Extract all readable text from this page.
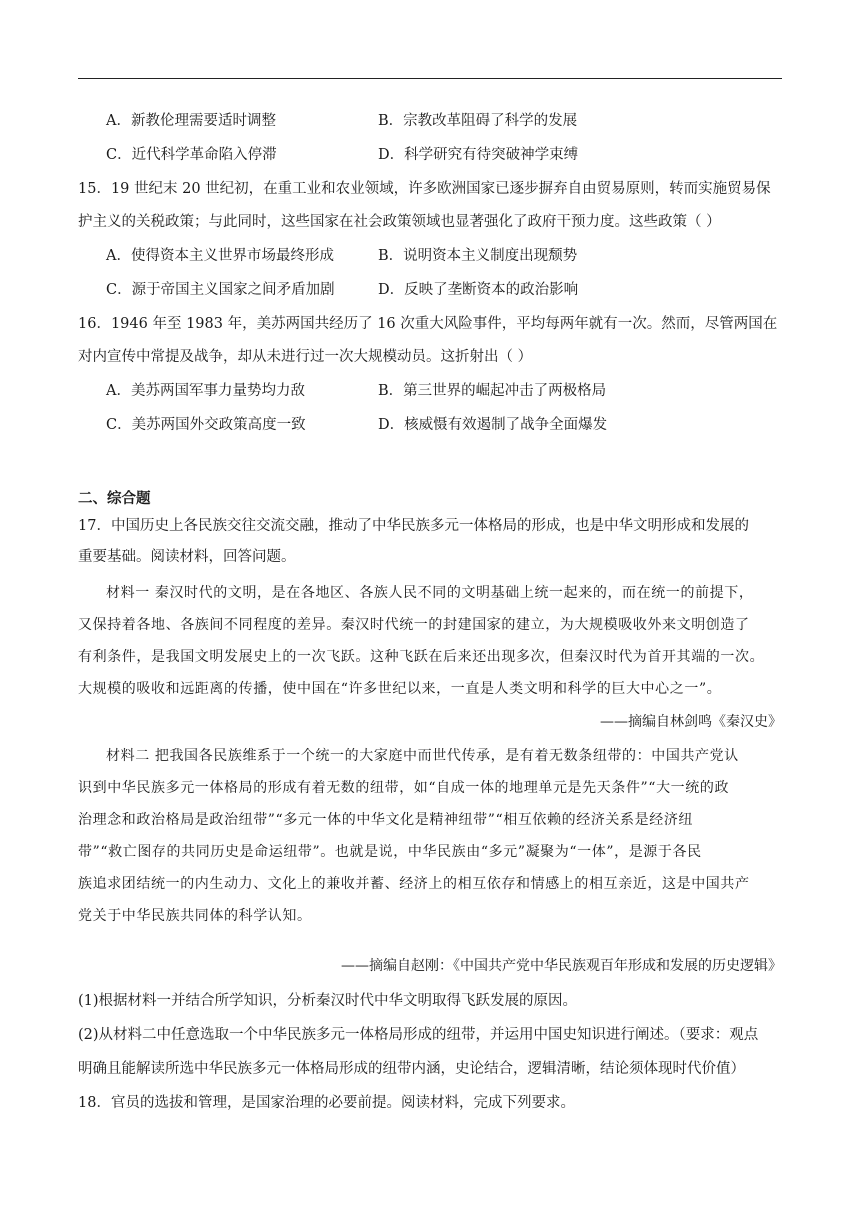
A．新教伦理需要适时调整	B．宗教改革阻碍了科学的发展
C．近代科学革命陷入停滞	D．科学研究有待突破神学束缚
15．19 世纪末 20 世纪初，在重工业和农业领域，许多欧洲国家已逐步摒弃自由贸易原则，转而实施贸易保
护主义的关税政策；与此同时，这些国家在社会政策领域也显著强化了政府干预力度。这些政策（ ）
A．使得资本主义世界市场最终形成	B．说明资本主义制度出现颓势
C．源于帝国主义国家之间矛盾加剧	D．反映了垄断资本的政治影响
16．1946 年至 1983 年，美苏两国共经历了 16 次重大风险事件，平均每两年就有一次。然而，尽管两国在
对内宣传中常提及战争，却从未进行过一次大规模动员。这折射出（ ）
A．美苏两国军事力量势均力敌	B．第三世界的崛起冲击了两极格局
C．美苏两国外交政策高度一致	D．核威慑有效遏制了战争全面爆发
二、综合题
17．中国历史上各民族交往交流交融，推动了中华民族多元一体格局的形成，也是中华文明形成和发展的
重要基础。阅读材料，回答问题。
材料一 秦汉时代的文明，是在各地区、各族人民不同的文明基础上统一起来的，而在统一的前提下，
又保持着各地、各族间不同程度的差异。秦汉时代统一的封建国家的建立，为大规模吸收外来文明创造了
有利条件，是我国文明发展史上的一次飞跃。这种飞跃在后来还出现多次，但秦汉时代为首开其端的一次。
大规模的吸收和远距离的传播，使中国在“许多世纪以来，一直是人类文明和科学的巨大中心之一”。
——摘编自林剑鸣《秦汉史》
材料二 把我国各民族维系于一个统一的大家庭中而世代传承，是有着无数条纽带的：中国共产党认
识到中华民族多元一体格局的形成有着无数的纽带，如“自成一体的地理单元是先天条件”“大一统的政
治理念和政治格局是政治纽带”“多元一体的中华文化是精神纽带”“相互依赖的经济关系是经济纽
带”“救亡图存的共同历史是命运纽带”。也就是说，中华民族由“多元”凝聚为“一体”，是源于各民
族追求团结统一的内生动力、文化上的兼收并蓄、经济上的相互依存和情感上的相互亲近，这是中国共产
党关于中华民族共同体的科学认知。
——摘编自赵刚：《中国共产党中华民族观百年形成和发展的历史逻辑》
(1)根据材料一并结合所学知识，分析秦汉时代中华文明取得飞跃发展的原因。
(2)从材料二中任意选取一个中华民族多元一体格局形成的纽带，并运用中国史知识进行阐述。（要求：观点
明确且能解读所选中华民族多元一体格局形成的纽带内涵，史论结合，逻辑清晰，结论须体现时代价值）
18．官员的选拔和管理，是国家治理的必要前提。阅读材料，完成下列要求。
